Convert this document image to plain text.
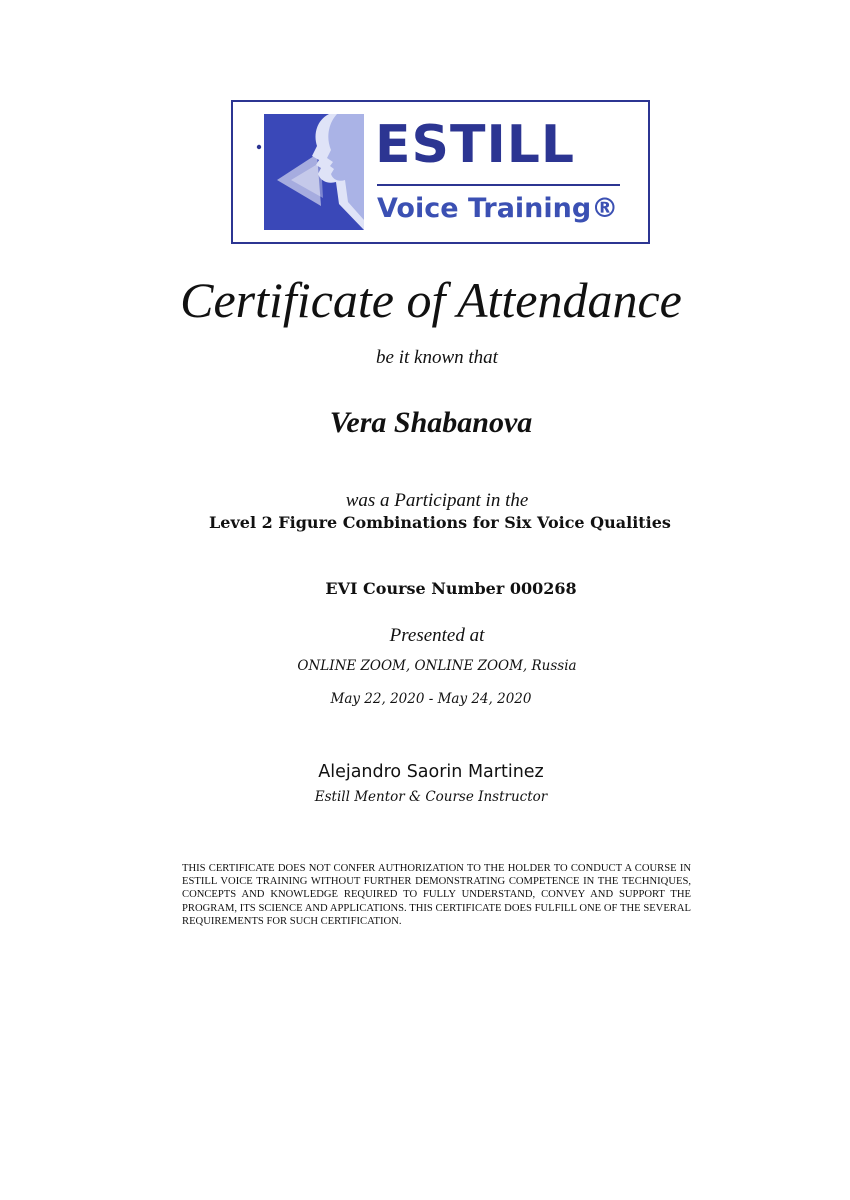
ESTILL
Voice Training®

Certificate of Attendance

be it known that

Vera Shabanova

was a Participant in the

Level 2 Figure Combinations for Six Voice Qualities

EVI Course Number 000268

Presented at

ONLINE ZOOM, ONLINE ZOOM, Russia

May 22, 2020 - May 24, 2020

Alejandro Saorin Martinez

Estill Mentor & Course Instructor

THIS CERTIFICATE DOES NOT CONFER AUTHORIZATION TO THE HOLDER TO CONDUCT A COURSE IN ESTILL VOICE TRAINING WITHOUT FURTHER DEMONSTRATING COMPETENCE IN THE TECHNIQUES, CONCEPTS AND KNOWLEDGE REQUIRED TO FULLY UNDERSTAND, CONVEY AND SUPPORT THE PROGRAM, ITS SCIENCE AND APPLICATIONS. THIS CERTIFICATE DOES FULFILL ONE OF THE SEVERAL REQUIREMENTS FOR SUCH CERTIFICATION.
